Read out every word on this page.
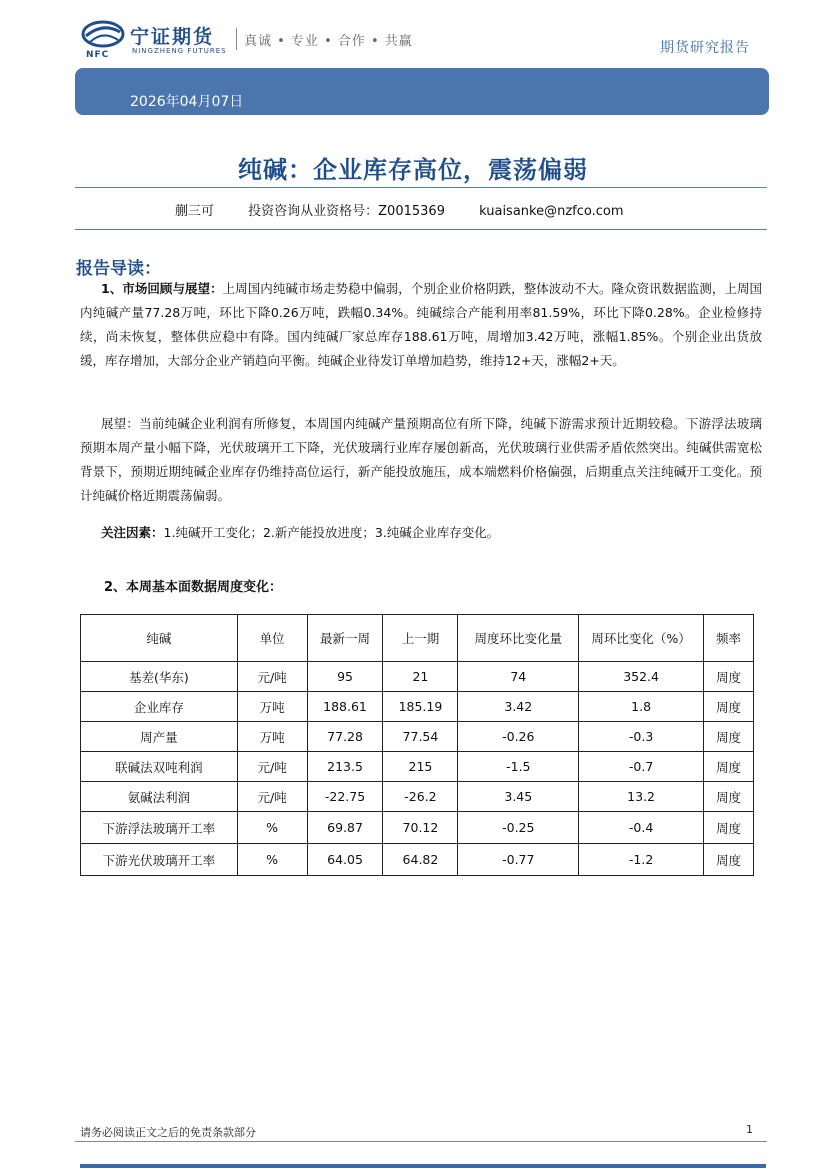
NFC
宁证期货
NINGZHENG FUTURES
真诚 • 专业 • 合作 • 共赢	期货研究报告
2026年04月07日
纯碱：企业库存高位，震荡偏弱
蒯三可	投资咨询从业资格号：Z0015369	kuaisanke@nzfco.com
报告导读：
1、市场回顾与展望：上周国内纯碱市场走势稳中偏弱，个别企业价格阴跌，整体波动不大。隆众资讯数据监测，上周国内纯碱产量77.28万吨，环比下降0.26万吨，跌幅0.34%。纯碱综合产能利用率81.59%，环比下降0.28%。企业检修持续，尚未恢复，整体供应稳中有降。国内纯碱厂家总库存188.61万吨，周增加3.42万吨，涨幅1.85%。个别企业出货放缓，库存增加，大部分企业产销趋向平衡。纯碱企业待发订单增加趋势，维持12+天，涨幅2+天。
展望：当前纯碱企业利润有所修复，本周国内纯碱产量预期高位有所下降，纯碱下游需求预计近期较稳。下游浮法玻璃预期本周产量小幅下降，光伏玻璃开工下降，光伏玻璃行业库存屡创新高，光伏玻璃行业供需矛盾依然突出。纯碱供需宽松背景下，预期近期纯碱企业库存仍维持高位运行，新产能投放施压，成本端燃料价格偏强，后期重点关注纯碱开工变化。预计纯碱价格近期震荡偏弱。
关注因素：1.纯碱开工变化；2.新产能投放进度；3.纯碱企业库存变化。
2、本周基本面数据周度变化：
纯碱	单位	最新一周	上一期	周度环比变化量	周环比变化（%）	频率
基差(华东)	元/吨	95	21	74	352.4	周度
企业库存	万吨	188.61	185.19	3.42	1.8	周度
周产量	万吨	77.28	77.54	-0.26	-0.3	周度
联碱法双吨利润	元/吨	213.5	215	-1.5	-0.7	周度
氨碱法利润	元/吨	-22.75	-26.2	3.45	13.2	周度
下游浮法玻璃开工率	%	69.87	70.12	-0.25	-0.4	周度
下游光伏玻璃开工率	%	64.05	64.82	-0.77	-1.2	周度
请务必阅读正文之后的免责条款部分	1
